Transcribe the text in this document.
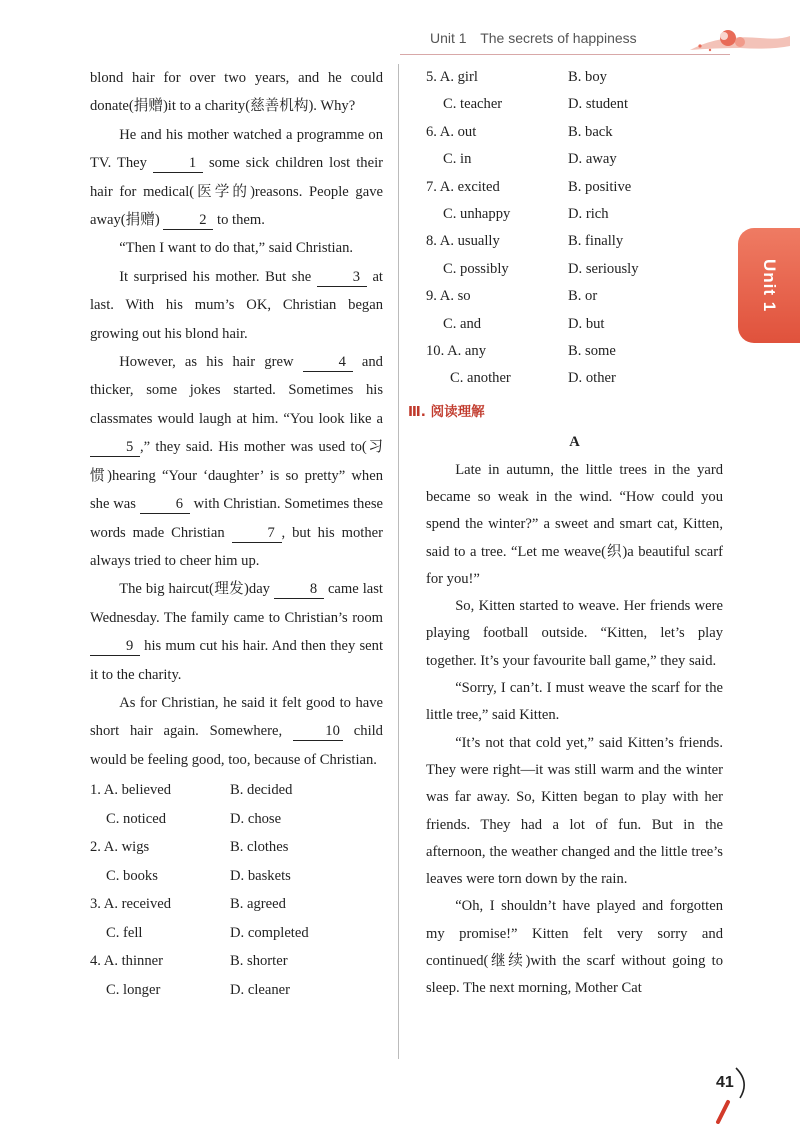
Unit 1 The secrets of happiness

blond hair for over two years, and he could donate(捐赠)it to a charity(慈善机构). Why?

He and his mother watched a programme on TV. They	1 some sick children lost their hair for medical(医学的)reasons. People gave away(捐赠)	2 to them.

“Then I want to do that,” said Christian.

It surprised his mother. But she	3 at last. With his mum’s OK, Christian began growing out his blond hair.

However, as his hair grew	4 and thicker, some jokes started. Sometimes his classmates would laugh at him. “You look like a 5 ,” they said. His mother was used to(习惯)hearing “Your ‘daughter’ is so pretty” when she was	6 with Christian. Sometimes these words made Christian	7 , but his mother always tried to cheer him up.

The big haircut(理发)day	8 came last Wednesday. The family came to Christian’s room 9 his mum cut his hair. And then they sent it to the charity.

As for Christian, he said it felt good to have short hair again. Somewhere,	10 child would be feeling good, too, because of Christian.

1. A. believed	B. decided
C. noticed	D. chose
2. A. wigs	B. clothes
C. books	D. baskets
3. A. received	B. agreed
C. fell	D. completed
4. A. thinner	B. shorter
C. longer	D. cleaner
5. A. girl	B. boy
C. teacher	D. student
6. A. out	B. back
C. in	D. away
7. A. excited	B. positive
C. unhappy	D. rich
8. A. usually	B. finally
C. possibly	D. seriously
9. A. so	B. or
C. and	D. but
10. A. any	B. some
C. another	D. other
Ⅲ. 阅读理解
A

Late in autumn, the little trees in the yard became so weak in the wind. “How could you spend the winter?” a sweet and smart cat, Kitten, said to a tree. “Let me weave(织)a beautiful scarf for you!”

So, Kitten started to weave. Her friends were playing football outside. “Kitten, let’s play together. It’s your favourite ball game,” they said.

“Sorry, I can’t. I must weave the scarf for the little tree,” said Kitten.

“It’s not that cold yet,” said Kitten’s friends. They were right—it was still warm and the winter was far away. So, Kitten began to play with her friends. They had a lot of fun. But in the afternoon, the weather changed and the little tree’s leaves were torn down by the rain.

“Oh, I shouldn’t have played and forgotten my promise!” Kitten felt very sorry and continued(继续)with the scarf without going to sleep. The next morning, Mother Cat

Unit 1
41
